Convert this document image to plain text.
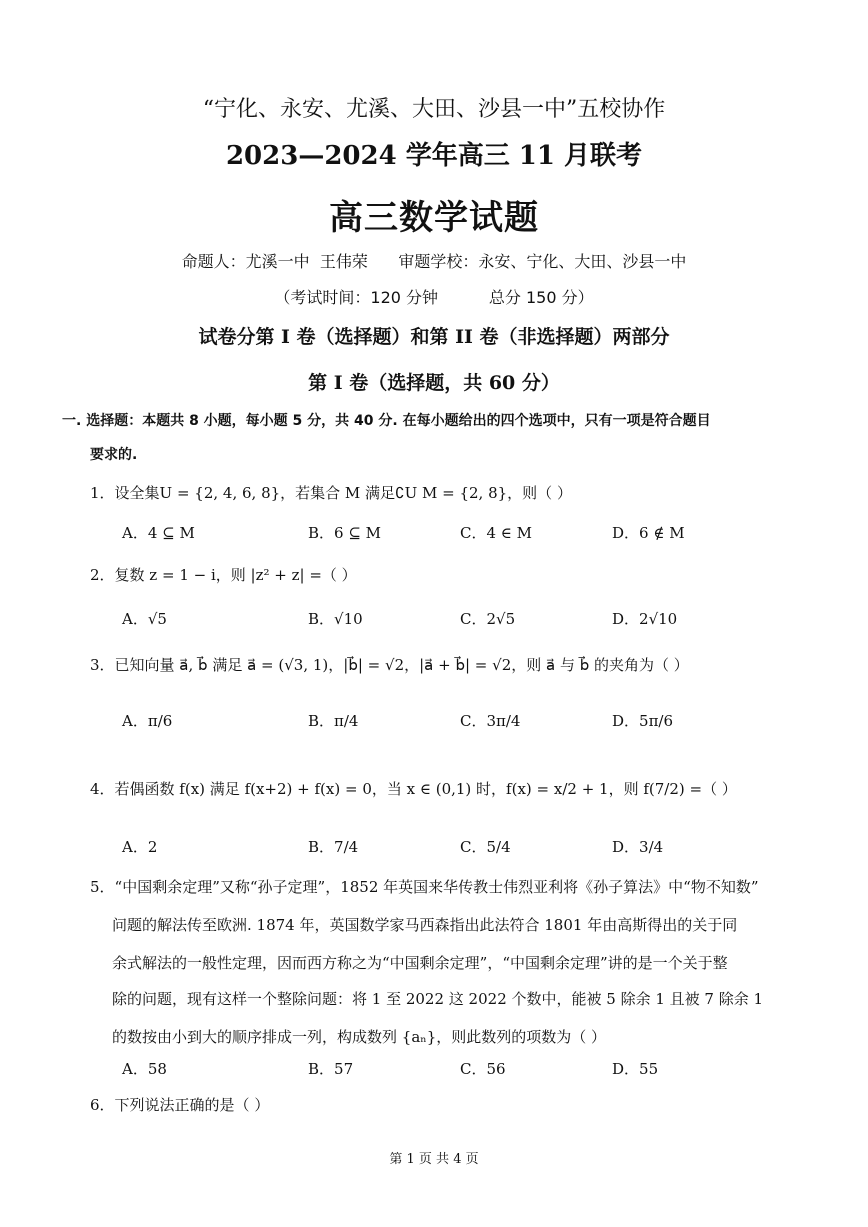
“宁化、永安、尤溪、大田、沙县一中”五校协作
2023—2024 学年高三 11 月联考
高三数学试题
命题人：尤溪一中  王伟荣 审题学校：永安、宁化、大田、沙县一中
（考试时间：120 分钟	总分 150 分）
试卷分第 I 卷（选择题）和第 II 卷（非选择题）两部分
第 I 卷（选择题，共 60 分）
一. 选择题：本题共 8 小题，每小题 5 分，共 40 分. 在每小题给出的四个选项中，只有一项是符合题目
要求的.
1．设全集U = {2, 4, 6, 8}，若集合 M 满足∁U M = {2, 8}，则（ ）
A．4 ⊆ M	B．6 ⊆ M	C．4 ∈ M	D．6 ∉ M
2．复数 z = 1 − i，则 |z² + z| =（ ）
A．√5	B．√10	C．2√5	D．2√10
3．已知向量 a⃗, b⃗ 满足 a⃗ = (√3, 1)，|b⃗| = √2，|a⃗ + b⃗| = √2，则 a⃗ 与 b⃗ 的夹角为（ ）
A．π/6	B．π/4	C．3π/4	D．5π/6
4．若偶函数 f(x) 满足 f(x+2) + f(x) = 0，当 x ∈ (0,1) 时，f(x) = x/2 + 1，则 f(7/2) =（ ）
A．2	B．7/4	C．5/4	D．3/4
5．“中国剩余定理”又称“孙子定理”，1852 年英国来华传教士伟烈亚利将《孙子算法》中“物不知数”
问题的解法传至欧洲. 1874 年，英国数学家马西森指出此法符合 1801 年由高斯得出的关于同
余式解法的一般性定理，因而西方称之为“中国剩余定理”，“中国剩余定理”讲的是一个关于整
除的问题，现有这样一个整除问题：将 1 至 2022 这 2022 个数中，能被 5 除余 1 且被 7 除余 1
的数按由小到大的顺序排成一列，构成数列 {aₙ}，则此数列的项数为（ ）
A．58	B．57	C．56	D．55
6．下列说法正确的是（ ）
第 1 页 共 4 页
